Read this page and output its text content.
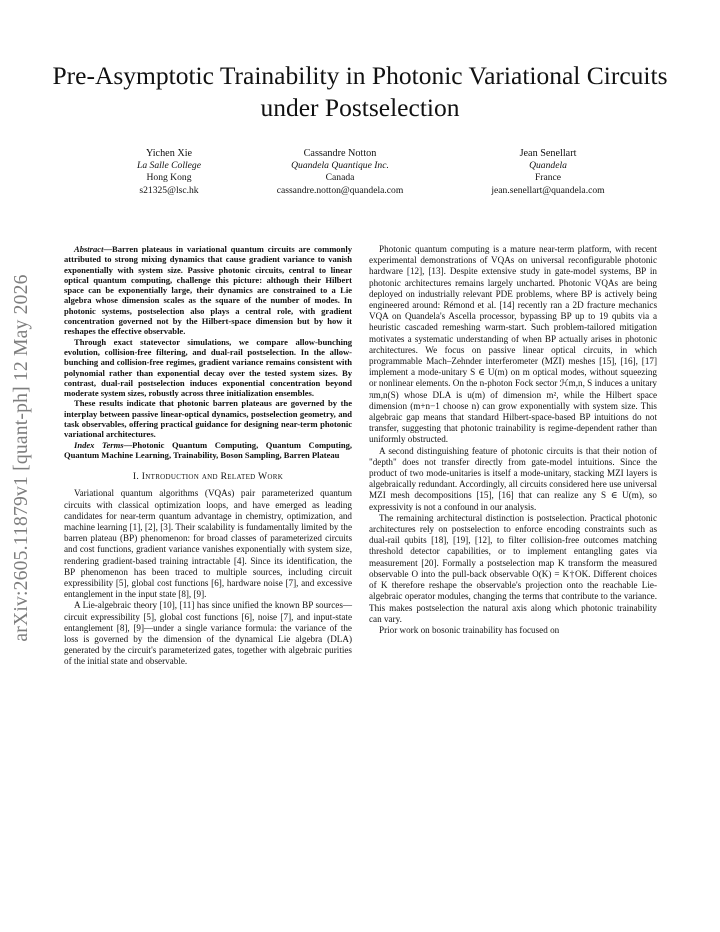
Pre-Asymptotic Trainability in Photonic Variational Circuits under Postselection
Yichen Xie
La Salle College
Hong Kong
s21325@lsc.hk
Cassandre Notton
Quandela Quantique Inc.
Canada
cassandre.notton@quandela.com
Jean Senellart
Quandela
France
jean.senellart@quandela.com
arXiv:2605.11879v1 [quant-ph] 12 May 2026

Abstract—Barren plateaus in variational quantum circuits are commonly attributed to strong mixing dynamics that cause gradient variance to vanish exponentially with system size. Passive photonic circuits, central to linear optical quantum computing, challenge this picture: although their Hilbert space can be exponentially large, their dynamics are constrained to a Lie algebra whose dimension scales as the square of the number of modes. In photonic systems, postselection also plays a central role, with gradient concentration governed not by the Hilbert-space dimension but by how it reshapes the effective observable.

Through exact statevector simulations, we compare allow-bunching evolution, collision-free filtering, and dual-rail postselection. In the allow-bunching and collision-free regimes, gradient variance remains consistent with polynomial rather than exponential decay over the tested system sizes. By contrast, dual-rail postselection induces exponential concentration beyond moderate system sizes, robustly across three initialization ensembles.

These results indicate that photonic barren plateaus are governed by the interplay between passive linear-optical dynamics, postselection geometry, and task observables, offering practical guidance for designing near-term photonic variational architectures.

Index Terms—Photonic Quantum Computing, Quantum Computing, Quantum Machine Learning, Trainability, Boson Sampling, Barren Plateau

I. Introduction and Related Work

Variational quantum algorithms (VQAs) pair parameterized quantum circuits with classical optimization loops, and have emerged as leading candidates for near-term quantum advantage in chemistry, optimization, and machine learning [1], [2], [3]. Their scalability is fundamentally limited by the barren plateau (BP) phenomenon: for broad classes of parameterized circuits and cost functions, gradient variance vanishes exponentially with system size, rendering gradient-based training intractable [4]. Since its identification, the BP phenomenon has been traced to multiple sources, including circuit expressibility [5], global cost functions [6], hardware noise [7], and excessive entanglement in the input state [8], [9].

A Lie-algebraic theory [10], [11] has since unified the known BP sources—circuit expressibility [5], global cost functions [6], noise [7], and input-state entanglement [8], [9]—under a single variance formula: the variance of the loss is governed by the dimension of the dynamical Lie algebra (DLA) generated by the circuit's parameterized gates, together with algebraic purities of the initial state and observable.

Photonic quantum computing is a mature near-term platform, with recent experimental demonstrations of VQAs on universal reconfigurable photonic hardware [12], [13]. Despite extensive study in gate-model systems, BP in photonic architectures remains largely uncharted. Photonic VQAs are being deployed on industrially relevant PDE problems, where BP is actively being engineered around: Rémond et al. [14] recently ran a 2D fracture mechanics VQA on Quandela's Ascella processor, bypassing BP up to 19 qubits via a heuristic cascaded remeshing warm-start. Such problem-tailored mitigation motivates a systematic understanding of when BP actually arises in photonic architectures. We focus on passive linear optical circuits, in which programmable Mach–Zehnder interferometer (MZI) meshes [15], [16], [17] implement a mode-unitary S ∈ U(m) on m optical modes, without squeezing or nonlinear elements. On the n-photon Fock sector ℋm,n, S induces a unitary πm,n(S) whose DLA is u(m) of dimension m², while the Hilbert space dimension (m+n−1 choose n) can grow exponentially with system size. This algebraic gap means that standard Hilbert-space-based BP intuitions do not transfer, suggesting that photonic trainability is regime-dependent rather than uniformly obstructed.

A second distinguishing feature of photonic circuits is that their notion of "depth" does not transfer directly from gate-model intuitions. Since the product of two mode-unitaries is itself a mode-unitary, stacking MZI layers is algebraically redundant. Accordingly, all circuits considered here use universal MZI mesh decompositions [15], [16] that can realize any S ∈ U(m), so expressivity is not a confound in our analysis.

The remaining architectural distinction is postselection. Practical photonic architectures rely on postselection to enforce encoding constraints such as dual-rail qubits [18], [19], [12], to filter collision-free outcomes matching threshold detector capabilities, or to implement entangling gates via measurement [20]. Formally a postselection map K transform the measured observable O into the pull-back observable O(K) = K†OK. Different choices of K therefore reshape the observable's projection onto the reachable Lie-algebraic operator modules, changing the terms that contribute to the variance. This makes postselection the natural axis along which photonic trainability can vary.

Prior work on bosonic trainability has focused on
